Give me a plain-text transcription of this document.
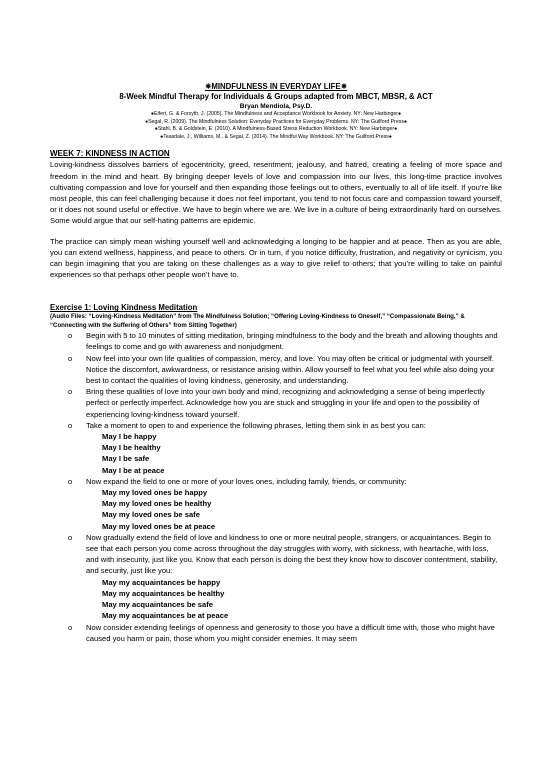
✷MINDFULNESS IN EVERYDAY LIFE✷
8-Week Mindful Therapy for Individuals & Groups adapted from MBCT, MBSR, & ACT
Bryan Mendiola, Psy.D.
●Eifert, G. & Forsyth, J. (2005). The Mindfulness and Acceptance Workbook for Anxiety. NY: New Harbinger●
●Segal, R. (2009). The Mindfulness Solution: Everyday Practices for Everyday Problems. NY: The Guilford Press●
●Stahl, B. & Goldstein, E. (2010). A Mindfulness-Based Stress Reduction Workbook. NY: New Harbinger●
●Teasdale, J., Williams, M., & Segal, Z. (2014). The Mindful Way Workbook. NY: The Guilford Press●
WEEK 7: KINDNESS IN ACTION

Loving-kindness dissolves barriers of egocentricity, greed, resentment, jealousy, and hatred, creating a feeling of more space and freedom in the mind and heart. By bringing deeper levels of love and compassion into our lives, this long-time practice involves cultivating compassion and love for yourself and then expanding those feelings out to others, eventually to all of life itself. If you’re like most people, this can feel challenging because it does not feel important, you tend to not focus care and compassion toward yourself, or it does not sound useful or effective. We have to begin where we are. We live in a culture of being extraordinarily hard on ourselves. Some would argue that our self-hating patterns are epidemic.

The practice can simply mean wishing yourself well and acknowledging a longing to be happier and at peace. Then as you are able, you can extend wellness, happiness, and peace to others. Or in turn, if you notice difficulty, frustration, and negativity or cynicism, you can begin imagining that you are taking on these challenges as a way to give relief to others; that you’re willing to take on painful experiences so that perhaps other people won’t have to.

Exercise 1: Loving Kindness Meditation
(Audio Files: “Loving-Kindness Meditation” from The Mindfulness Solution; “Offering Loving-Kindness to Oneself,” “Compassionate Being,” & “Connecting with the Suffering of Others” from Sitting Together)
o Begin with 5 to 10 minutes of sitting meditation, bringing mindfulness to the body and the breath and allowing thoughts and feelings to come and go with awareness and nonjudgment.
o Now feel into your own life qualities of compassion, mercy, and love. You may often be critical or judgmental with yourself. Notice the discomfort, awkwardness, or resistance arising within. Allow yourself to feel what you feel while also doing your best to contact the qualities of loving kindness, generosity, and understanding.
o Bring these qualities of love into your own body and mind, recognizing and acknowledging a sense of being imperfectly perfect or perfectly imperfect. Acknowledge how you are stuck and struggling in your life and open to the possibility of experiencing loving-kindness toward yourself.
o Take a moment to open to and experience the following phrases, letting them sink in as best you can:
May I be happy
May I be healthy
May I be safe
May I be at peace
o Now expand the field to one or more of your loves ones, including family, friends, or community:
May my loved ones be happy
May my loved ones be healthy
May my loved ones be safe
May my loved ones be at peace
o Now gradually extend the field of love and kindness to one or more neutral people, strangers, or acquaintances. Begin to see that each person you come across throughout the day struggles with worry, with sickness, with heartache, with loss, and with insecurity, just like you. Know that each person is doing the best they know how to discover contentment, stability, and security, just like you:
May my acquaintances be happy
May my acquaintances be healthy
May my acquaintances be safe
May my acquaintances be at peace
o Now consider extending feelings of openness and generosity to those you have a difficult time with, those who might have caused you harm or pain, those whom you might consider enemies. It may seem
